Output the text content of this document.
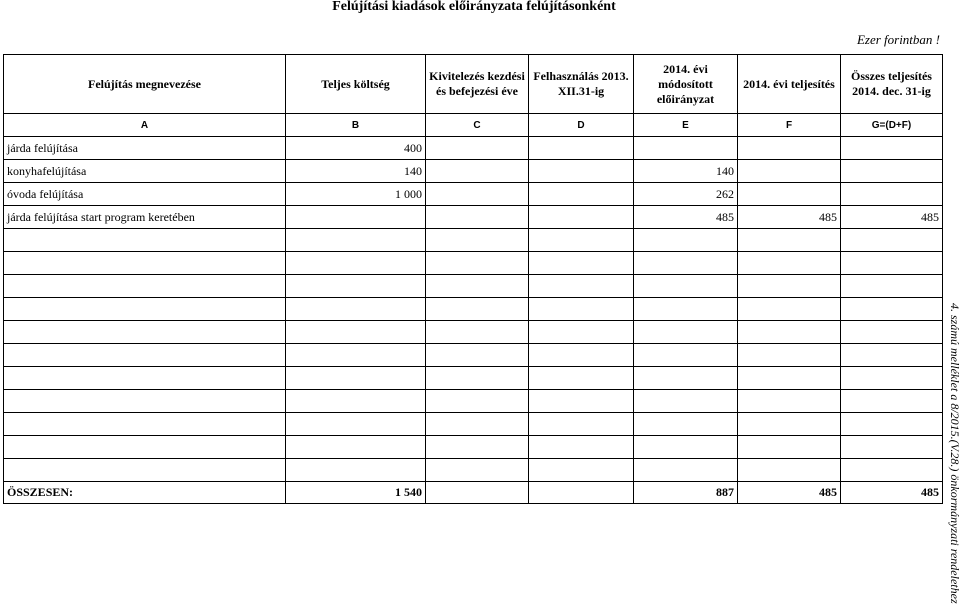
Felújítási kiadások előirányzata felújításonként
Ezer forintban !
4. számú melléklet a 8/2015.(V.28.) önkormányzati rendelethez
Felújítás megnevezése	Teljes költség	Kivitelezés kezdési és befejezési éve	Felhasználás 2013. XII.31-ig	2014. évi módosított előirányzat	2014. évi teljesítés	Összes teljesítés 2014. dec. 31-ig
A	B	C	D	E	F	G=(D+F)
járda felújítása	400					
konyhafelújítása	140			140		
óvoda felújítása	1 000			262		
járda felújítása start program keretében				485	485	485

ÖSSZESEN:	1 540			887	485	485
